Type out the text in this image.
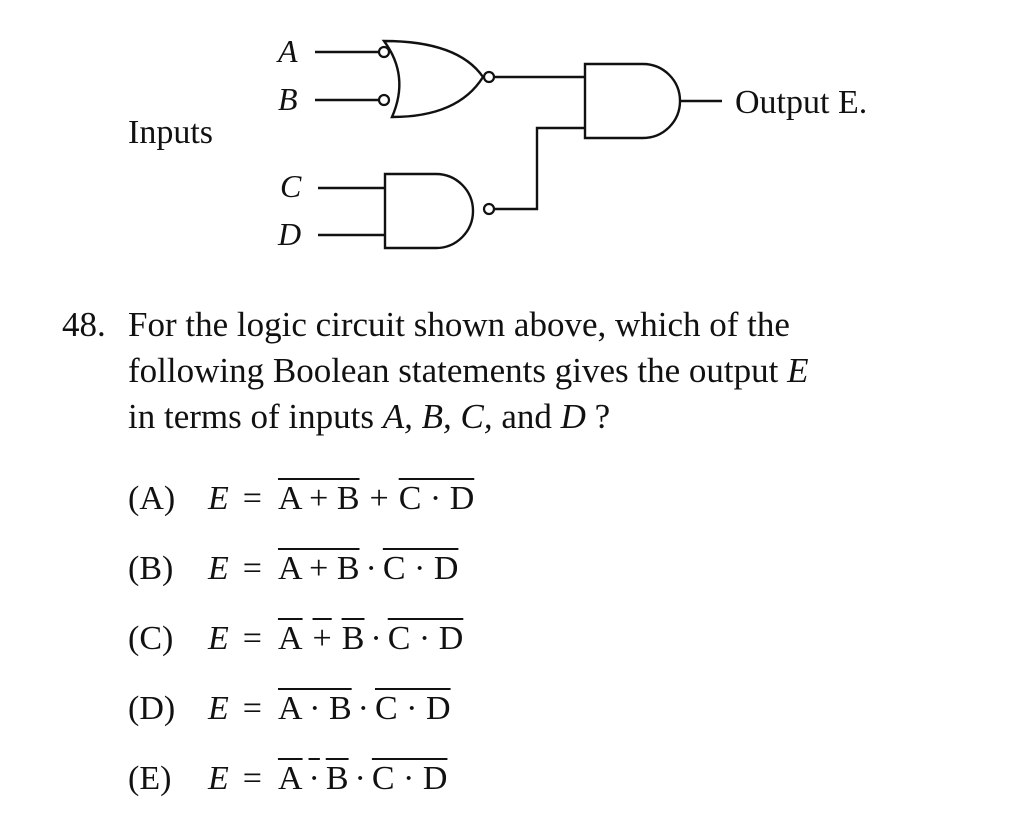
Inputs
A
B
C
D
Output E.
48. For the logic circuit shown above, which of the
following Boolean statements gives the output E
in terms of inputs A, B, C, and D ?
(A) E = A + B + C · D
(B)	E = A + B · C · D
(C)	E = A + B · C · D
(D) E = A · B · C · D
(E)	E = A · B · C · D
